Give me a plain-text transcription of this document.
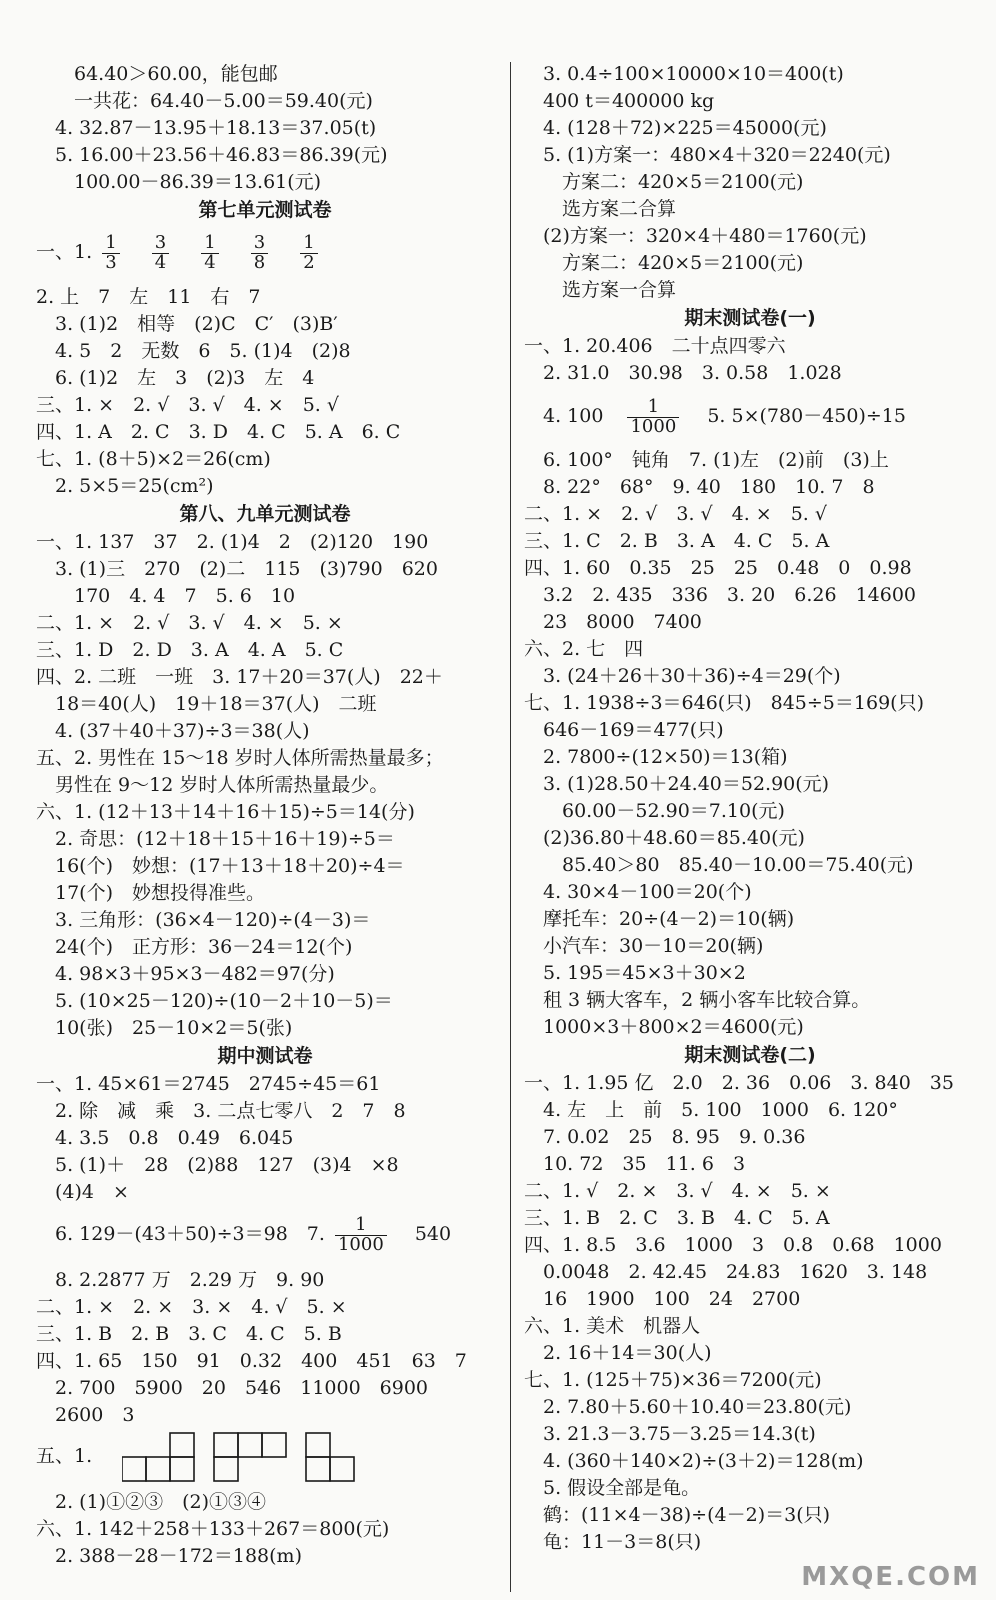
　　64.40＞60.00，能包邮
　　一共花：64.40－5.00＝59.40(元)
　4. 32.87－13.95＋18.13＝37.05(t)
　5. 16.00＋23.56＋46.83＝86.39(元)
　　100.00－86.39＝13.61(元)
第七单元测试卷
一、1. $\frac{1}{3}$
$\frac{3}{4}$
$\frac{1}{4}$
$\frac{3}{8}$
$\frac{1}{2}$
2. 上　7　左　11　右　7
　3. (1)2　相等　(2)C　C′　(3)B′
　4. 5　2　无数　6　5. (1)4　(2)8
　6. (1)2　左　3　(2)3　左　4
三、1. ×　2. √　3. √　4. ×　5. √
四、1. A　2. C　3. D　4. C　5. A　6. C
七、1. (8＋5)×2＝26(cm)
　2. 5×5＝25(cm²)
第八、九单元测试卷
一、1. 137　37　2. (1)4　2　(2)120　190
　3. (1)三　270　(2)二　115　(3)790　620
　　170　4. 4　7　5. 6　10
二、1. ×　2. √　3. √　4. ×　5. ×
三、1. D　2. D　3. A　4. A　5. C
四、2. 二班　一班　3. 17＋20＝37(人)　22＋
　18＝40(人)　19＋18＝37(人)　二班
　4. (37＋40＋37)÷3＝38(人)
五、2. 男性在 15～18 岁时人体所需热量最多；
　男性在 9～12 岁时人体所需热量最少。
六、1. (12＋13＋14＋16＋15)÷5＝14(分)
　2. 奇思：(12＋18＋15＋16＋19)÷5＝
　16(个)　妙想：(17＋13＋18＋20)÷4＝
　17(个)　妙想投得准些。
　3. 三角形：(36×4－120)÷(4－3)＝
　24(个)　正方形：36－24＝12(个)
　4. 98×3＋95×3－482＝97(分)
　5. (10×25－120)÷(10－2＋10－5)＝
　10(张)　25－10×2＝5(张)
期中测试卷
一、1. 45×61＝2745　2745÷45＝61
　2. 除　减　乘　3. 二点七零八　2　7　8
　4. 3.5　0.8　0.49　6.045
　5. (1)＋　28　(2)88　127　(3)4　×8
　(4)4　×
　6. 129－(43＋50)÷3＝98　7. $\frac{1}{1000} 540$
　8. 2.2877 万　2.29 万　9. 90
二、1. ×　2. ×　3. ×　4. √　5. ×
三、1. B　2. B　3. C　4. C　5. B
四、1. 65　150　91　0.32　400　451　63　7
　2. 700　5900　20　546　11000　6900
　2600　3
五、1.
　2. (1)①②③　(2)①③④
六、1. 142＋258＋133＋267＝800(元)
　2. 388－28－172＝188(m)
　3. 0.4÷100×10000×10＝400(t)
　400 t＝400000 kg
　4. (128＋72)×225＝45000(元)
　5. (1)方案一：480×4＋320＝2240(元)
　　方案二：420×5＝2100(元)
　　选方案二合算
　(2)方案一：320×4＋480＝1760(元)
　　方案二：420×5＝2100(元)
　　选方案一合算
期末测试卷(一)
一、1. 20.406　二十点四零六
　2. 31.0　30.98　3. 0.58　1.028
　4. $100 \frac{1}{1000} 5$. 5×(780－450)÷15
　6. 100°　钝角　7. (1)左　(2)前　(3)上
　8. 22°　68°　9. 40　180　10. 7　8
二、1. ×　2. √　3. √　4. ×　5. √
三、1. C　2. B　3. A　4. C　5. A
四、1. 60　0.35　25　25　0.48　0　0.98
　3.2　2. 435　336　3. 20　6.26　14600
　23　8000　7400
六、2. 七　四
　3. (24＋26＋30＋36)÷4＝29(个)
七、1. 1938÷3＝646(只)　845÷5＝169(只)
　646－169＝477(只)
　2. 7800÷(12×50)＝13(箱)
　3. (1)28.50＋24.40＝52.90(元)
　　60.00－52.90＝7.10(元)
　(2)36.80＋48.60＝85.40(元)
　　85.40＞80　85.40－10.00＝75.40(元)
　4. 30×4－100＝20(个)
　摩托车：20÷(4－2)＝10(辆)
　小汽车：30－10＝20(辆)
　5. 195＝45×3＋30×2
　租 3 辆大客车，2 辆小客车比较合算。
　1000×3＋800×2＝4600(元)
期末测试卷(二)
一、1. 1.95 亿　2.0　2. 36　0.06　3. 840　35
　4. 左　上　前　5. 100　1000　6. 120°
　7. 0.02　25　8. 95　9. 0.36
　10. 72　35　11. 6　3
二、1. √　2. ×　3. √　4. ×　5. ×
三、1. B　2. C　3. B　4. C　5. A
四、1. 8.5　3.6　1000　3　0.8　0.68　1000
　0.0048　2. 42.45　24.83　1620　3. 148
　16　1900　100　24　2700
六、1. 美术　机器人
　2. 16＋14＝30(人)
七、1. (125＋75)×36＝7200(元)
　2. 7.80＋5.60＋10.40＝23.80(元)
　3. 21.3－3.75－3.25＝14.3(t)
　4. (360＋140×2)÷(3＋2)＝128(m)
　5. 假设全部是龟。
　鹤：(11×4－38)÷(4－2)＝3(只)
　龟：11－3＝8(只)
MXQE.COM
